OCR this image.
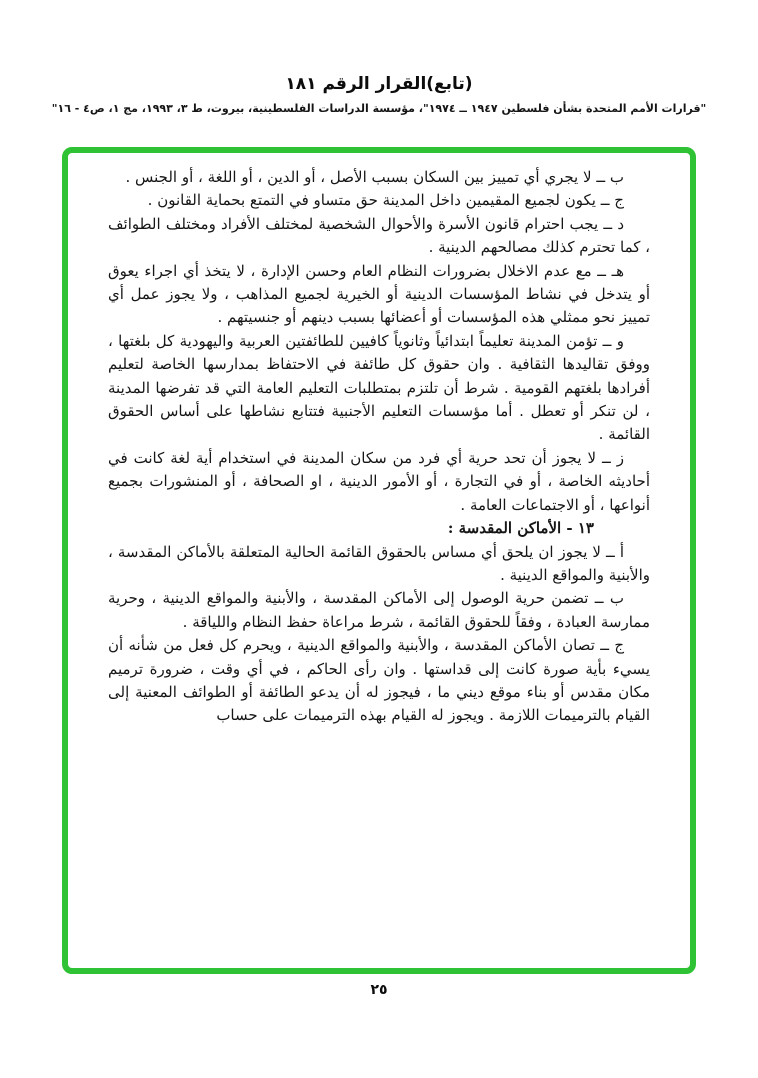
(تابع)القرار الرقم ١٨١
"قرارات الأمم المتحدة بشأن فلسطين ١٩٤٧ ــ ١٩٧٤"، مؤسسة الدراسات الفلسطينية، بيروت، ط ٣، ١٩٩٣، مج ١، ص٤ - ١٦"

ب ــ لا يجري أي تمييز بين السكان بسبب الأصل ، أو الدين ، أو اللغة ، أو الجنس .

ج ــ يكون لجميع المقيمين داخل المدينة حق متساو في التمتع بحماية القانون .

د ــ يجب احترام قانون الأسرة والأحوال الشخصية لمختلف الأفراد ومختلف الطوائف ، كما تحترم كذلك مصالحهم الدينية .

هـ ــ مع عدم الاخلال بضرورات النظام العام وحسن الإدارة ، لا يتخذ أي اجراء يعوق أو يتدخل في نشاط المؤسسات الدينية أو الخيرية لجميع المذاهب ، ولا يجوز عمل أي تمييز نحو ممثلي هذه المؤسسات أو أعضائها بسبب دينهم أو جنسيتهم .

و ــ تؤمن المدينة تعليماً ابتدائياً وثانوياً كافيين للطائفتين العربية واليهودية كل بلغتها ، ووفق تقاليدها الثقافية . وان حقوق كل طائفة في الاحتفاظ بمدارسها الخاصة لتعليم أفرادها بلغتهم القومية . شرط أن تلتزم بمتطلبات التعليم العامة التي قد تفرضها المدينة ، لن تنكر أو تعطل . أما مؤسسات التعليم الأجنبية فتتابع نشاطها على أساس الحقوق القائمة .

ز ــ لا يجوز أن تحد حرية أي فرد من سكان المدينة في استخدام أية لغة كانت في أحاديثه الخاصة ، أو في التجارة ، أو الأمور الدينية ، او الصحافة ، أو المنشورات بجميع أنواعها ، أو الاجتماعات العامة .

١٣ - الأماكن المقدسة :

أ ــ لا يجوز ان يلحق أي مساس بالحقوق القائمة الحالية المتعلقة بالأماكن المقدسة ، والأبنية والمواقع الدينية .

ب ــ تضمن حرية الوصول إلى الأماكن المقدسة ، والأبنية والمواقع الدينية ، وحرية ممارسة العبادة ، وفقاً للحقوق القائمة ، شرط مراعاة حفظ النظام واللياقة .

ج ــ تصان الأماكن المقدسة ، والأبنية والمواقع الدينية ، ويحرم كل فعل من شأنه أن يسيء بأية صورة كانت إلى قداستها . وان رأى الحاكم ، في أي وقت ، ضرورة ترميم مكان مقدس أو بناء موقع ديني ما ، فيجوز له أن يدعو الطائفة أو الطوائف المعنية إلى القيام بالترميمات اللازمة . ويجوز له القيام بهذه الترميمات على حساب

٢٥
